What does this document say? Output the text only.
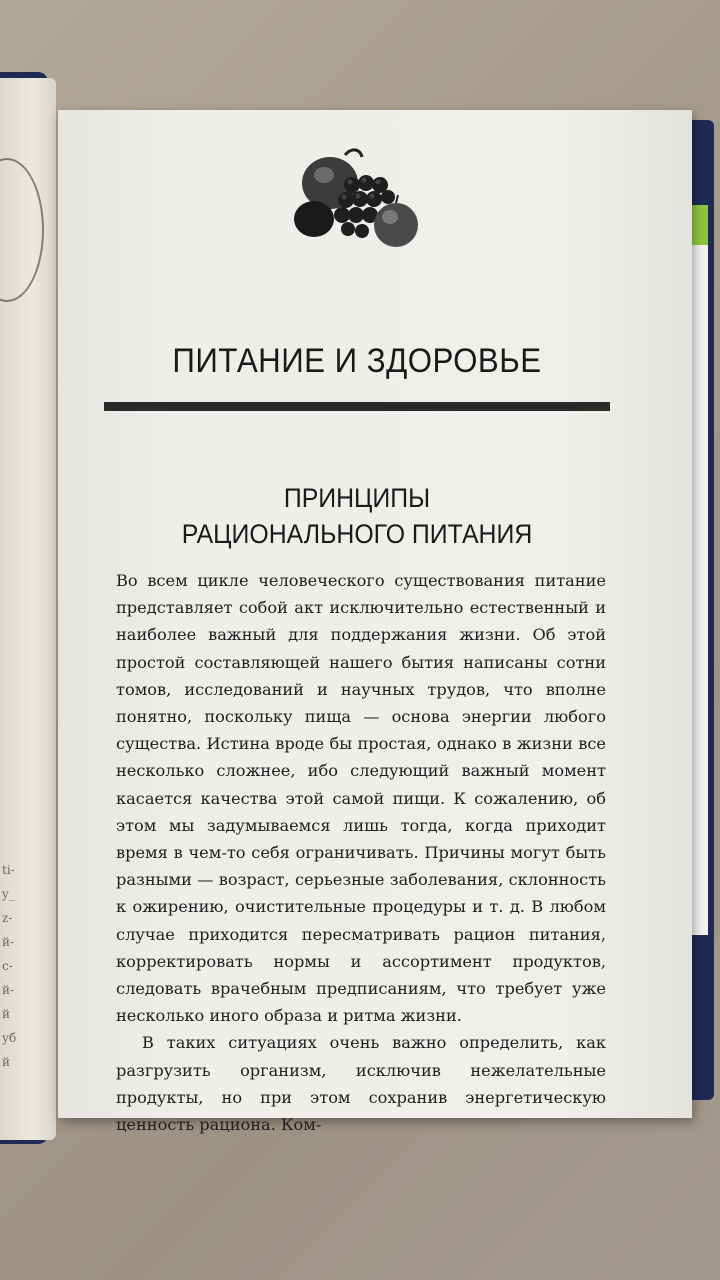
ti-
y_
z-
й-
с-
й-
й
уб
й
ПИТАНИЕ И ЗДОРОВЬЕ
ПРИНЦИПЫ
РАЦИОНАЛЬНОГО ПИТАНИЯ

Во всем цикле человеческого существования питание представляет собой акт исключительно естественный и наиболее важный для поддержания жизни. Об этой простой составляющей нашего бытия написаны сотни томов, исследований и научных трудов, что вполне понятно, поскольку пища — основа энергии любого существа. Истина вроде бы простая, однако в жизни все несколько сложнее, ибо следующий важный момент касается качества этой самой пищи. К сожалению, об этом мы задумываемся лишь тогда, когда приходит время в чем-то себя ограничивать. Причины могут быть разными — возраст, серьезные заболевания, склонность к ожирению, очистительные процедуры и т. д. В любом случае приходится пересматривать рацион питания, корректировать нормы и ассортимент продуктов, следовать врачебным предписаниям, что требует уже несколько иного образа и ритма жизни.

В таких ситуациях очень важно определить, как разгрузить организм, исключив нежелательные продукты, но при этом сохранив энергетическую ценность рациона. Ком-
